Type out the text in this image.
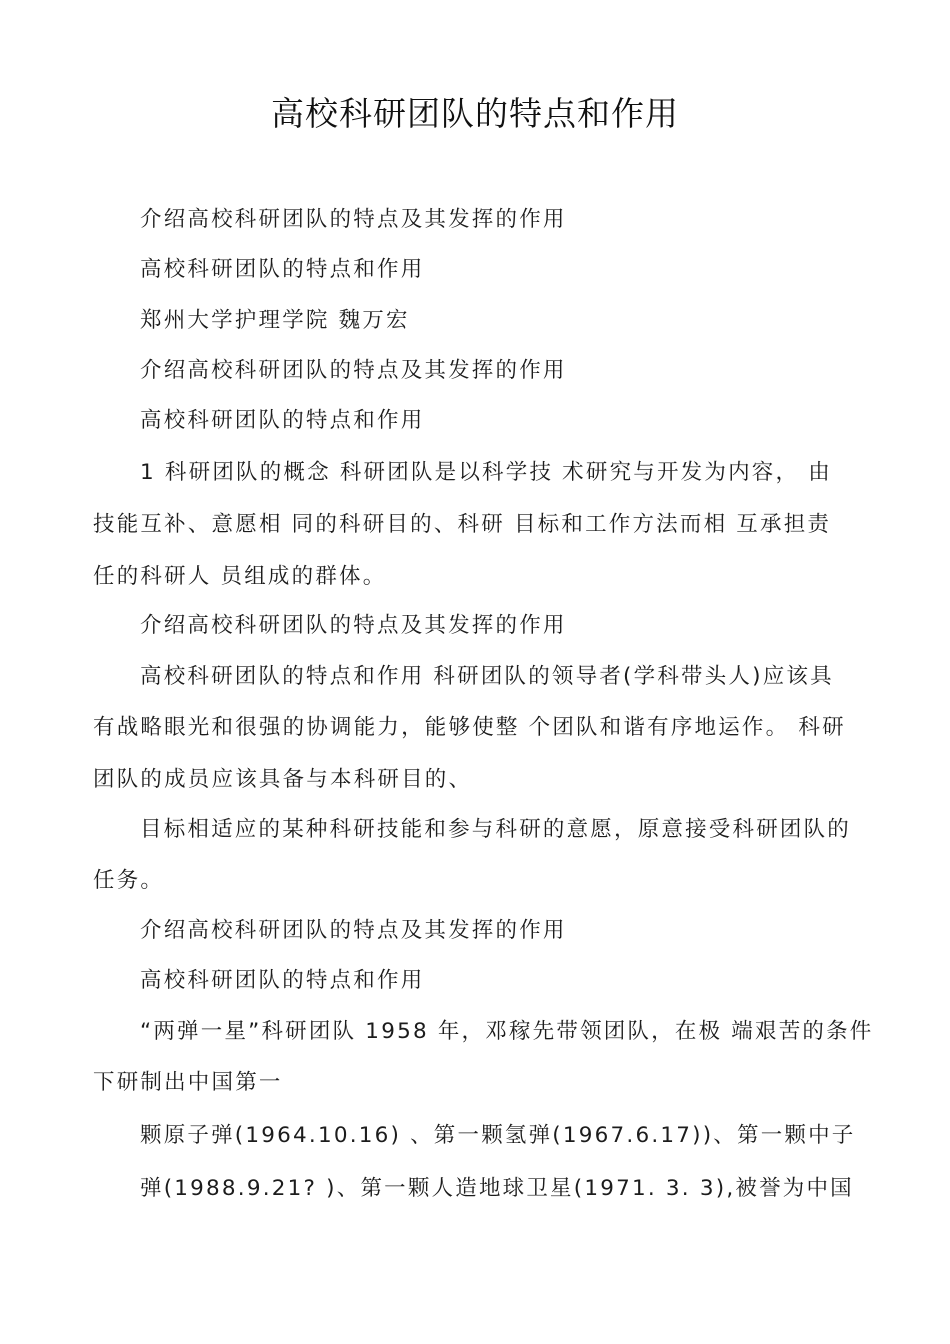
高校科研团队的特点和作用
介绍高校科研团队的特点及其发挥的作用
高校科研团队的特点和作用
郑州大学护理学院 魏万宏
介绍高校科研团队的特点及其发挥的作用
高校科研团队的特点和作用
1 科研团队的概念 科研团队是以科学技 术研究与开发为内容， 由
技能互补、意愿相 同的科研目的、科研 目标和工作方法而相 互承担责
任的科研人 员组成的群体。
介绍高校科研团队的特点及其发挥的作用
高校科研团队的特点和作用 科研团队的领导者(学科带头人)应该具
有战略眼光和很强的协调能力，能够使整 个团队和谐有序地运作。 科研
团队的成员应该具备与本科研目的、
目标相适应的某种科研技能和参与科研的意愿，原意接受科研团队的
任务。
介绍高校科研团队的特点及其发挥的作用
高校科研团队的特点和作用
“两弹一星”科研团队 1958 年，邓稼先带领团队，在极 端艰苦的条件
下研制出中国第一
颗原子弹(1964.10.16) 、第一颗氢弹(1967.6.17))、第一颗中子
弹(1988.9.21? )、第一颗人造地球卫星(1971. 3. 3),被誉为中国
